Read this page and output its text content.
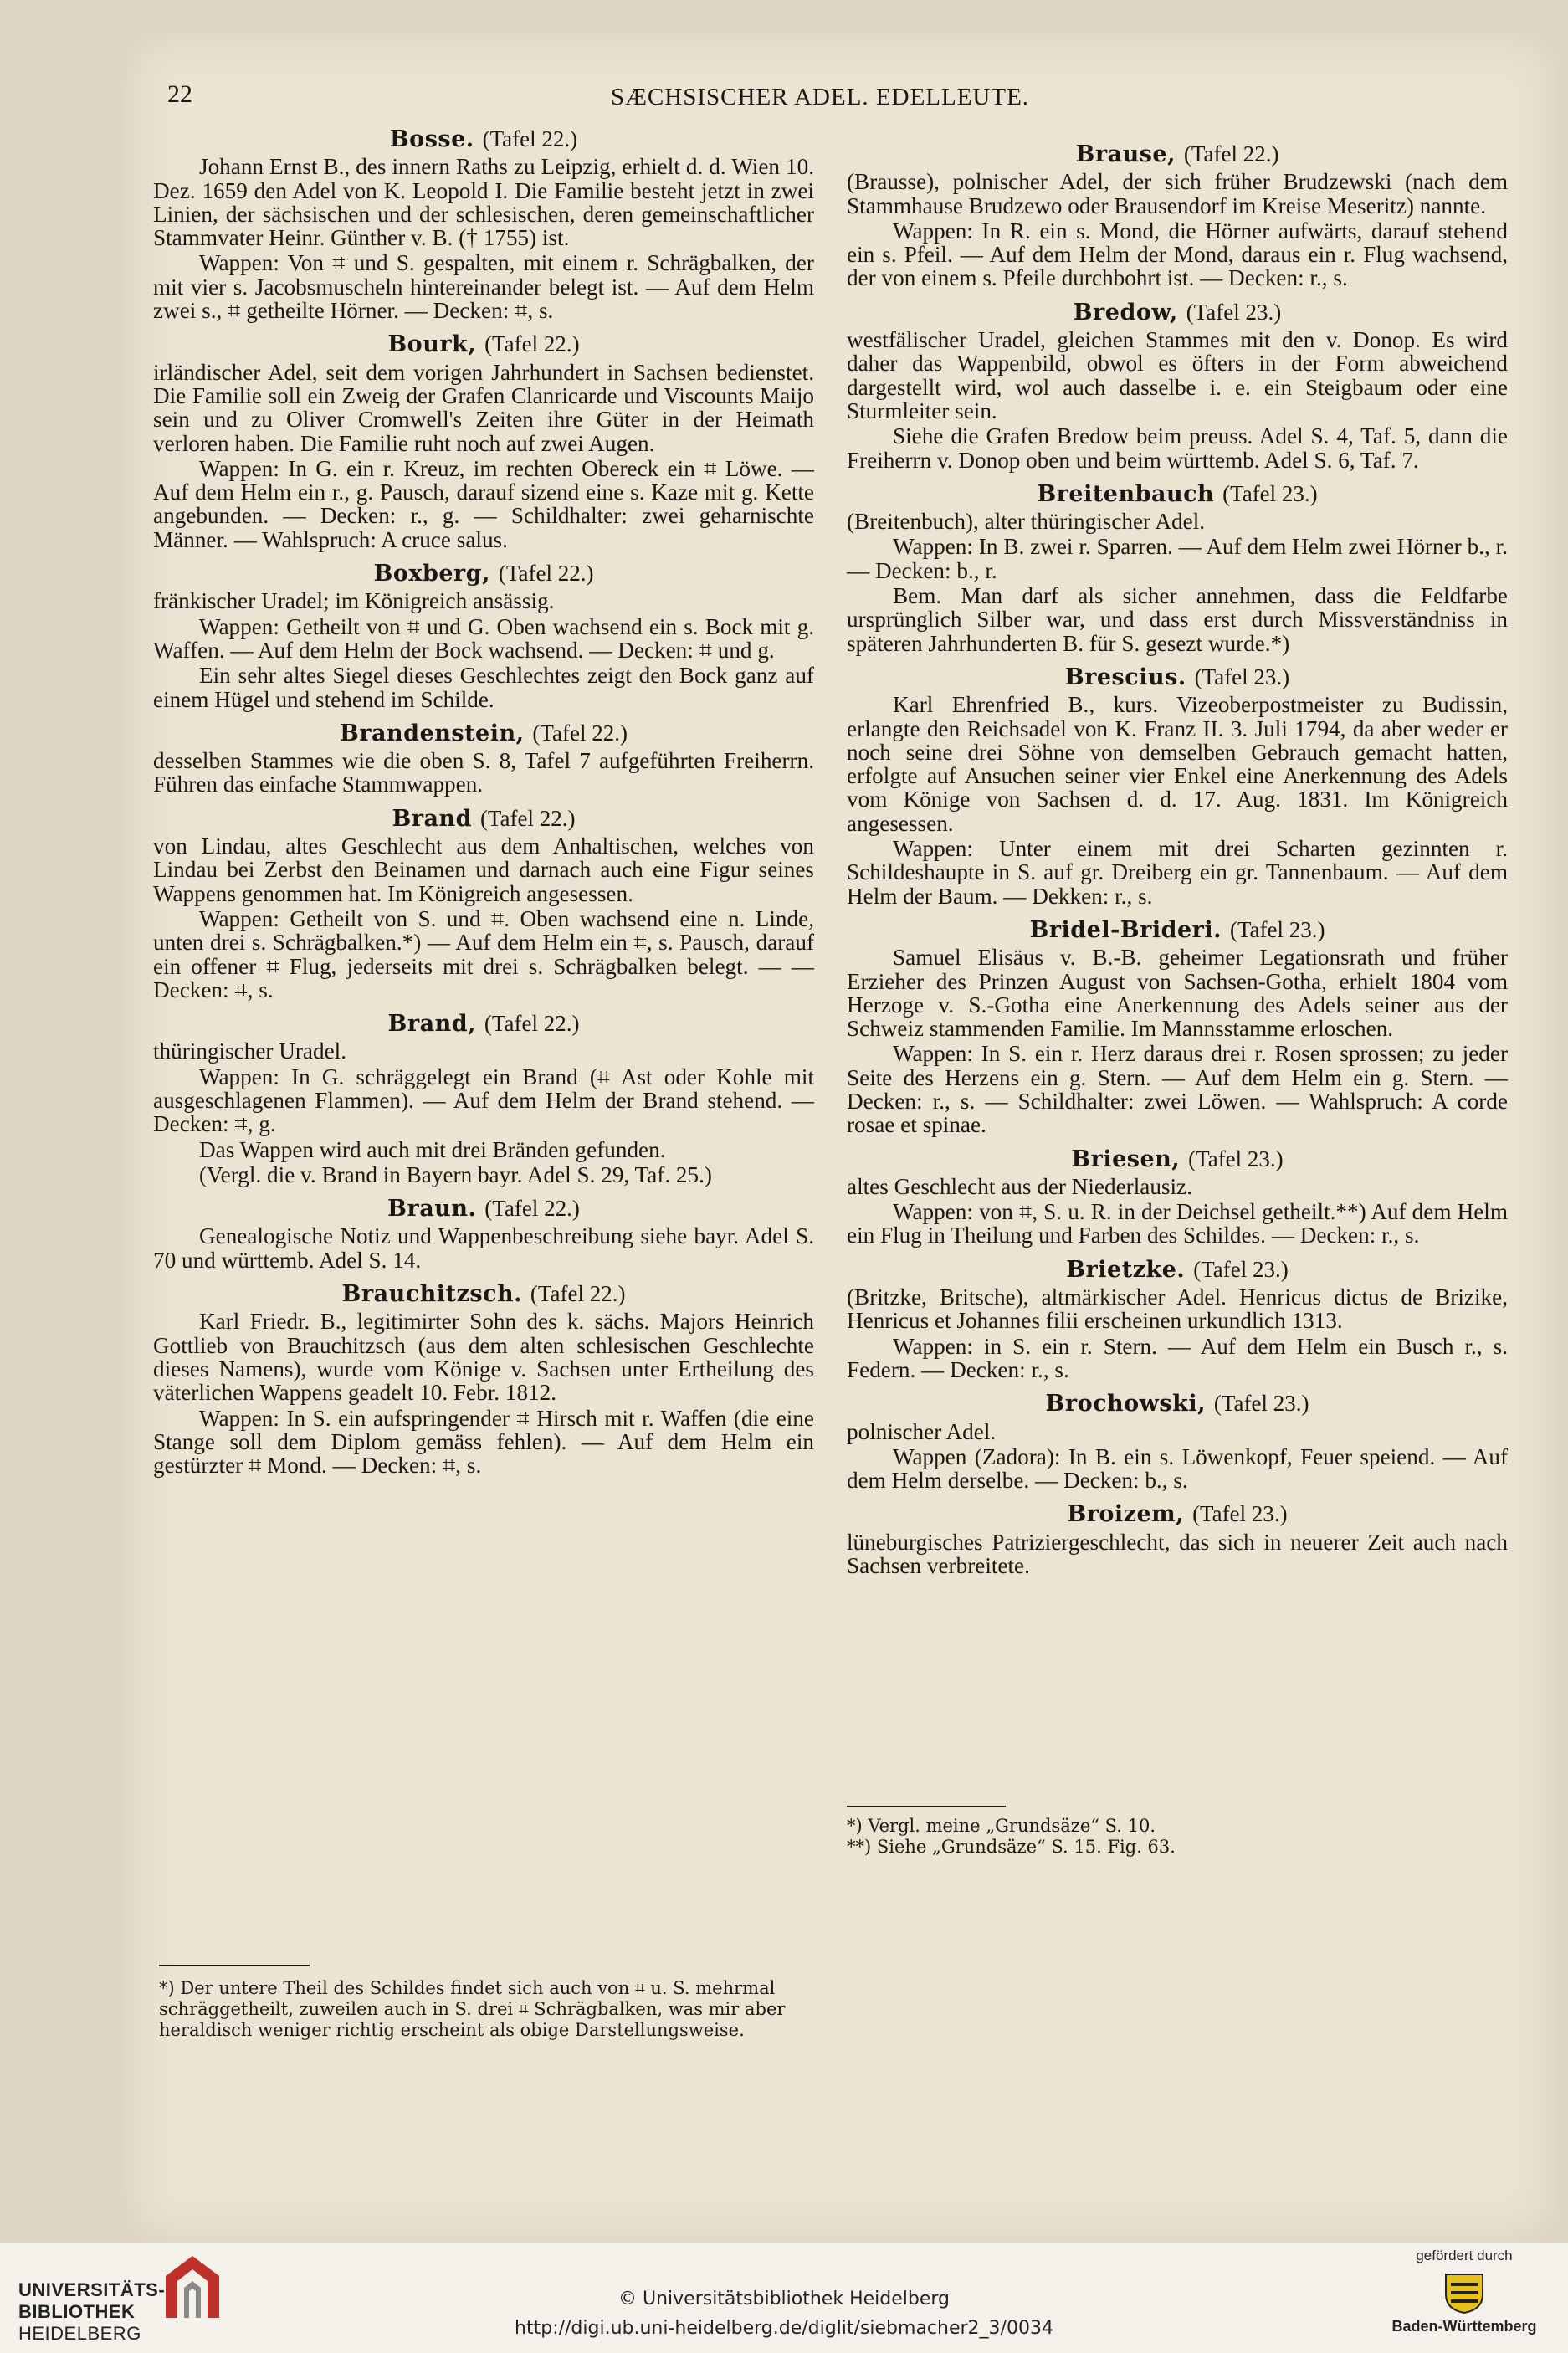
22	SÆCHSISCHER ADEL. EDELLEUTE.
Bosse. (Tafel 22.)

Johann Ernst B., des innern Raths zu Leipzig, erhielt d. d. Wien 10. Dez. 1659 den Adel von K. Leopold I. Die Familie besteht jetzt in zwei Linien, der sächsischen und der schlesischen, deren gemeinschaftlicher Stammvater Heinr. Günther v. B. († 1755) ist.

Wappen: Von ⌗ und S. gespalten, mit einem r. Schrägbalken, der mit vier s. Jacobsmuscheln hintereinander belegt ist. — Auf dem Helm zwei s., ⌗ getheilte Hörner. — Decken: ⌗, s.

Bourk, (Tafel 22.)

irländischer Adel, seit dem vorigen Jahrhundert in Sachsen bedienstet. Die Familie soll ein Zweig der Grafen Clanricarde und Viscounts Maijo sein und zu Oliver Cromwell's Zeiten ihre Güter in der Heimath verloren haben. Die Familie ruht noch auf zwei Augen.

Wappen: In G. ein r. Kreuz, im rechten Obereck ein ⌗ Löwe. — Auf dem Helm ein r., g. Pausch, darauf sizend eine s. Kaze mit g. Kette angebunden. — Decken: r., g. — Schildhalter: zwei geharnischte Männer. — Wahlspruch: A cruce salus.

Boxberg, (Tafel 22.)

fränkischer Uradel; im Königreich ansässig.

Wappen: Getheilt von ⌗ und G. Oben wachsend ein s. Bock mit g. Waffen. — Auf dem Helm der Bock wachsend. — Decken: ⌗ und g.

Ein sehr altes Siegel dieses Geschlechtes zeigt den Bock ganz auf einem Hügel und stehend im Schilde.

Brandenstein, (Tafel 22.)

desselben Stammes wie die oben S. 8, Tafel 7 aufgeführten Freiherrn. Führen das einfache Stammwappen.

Brand (Tafel 22.)

von Lindau, altes Geschlecht aus dem Anhaltischen, welches von Lindau bei Zerbst den Beinamen und darnach auch eine Figur seines Wappens genommen hat. Im Königreich angesessen.

Wappen: Getheilt von S. und ⌗. Oben wachsend eine n. Linde, unten drei s. Schrägbalken.*) — Auf dem Helm ein ⌗, s. Pausch, darauf ein offener ⌗ Flug, jederseits mit drei s. Schrägbalken belegt. — — Decken: ⌗, s.

Brand, (Tafel 22.)

thüringischer Uradel.

Wappen: In G. schräggelegt ein Brand (⌗ Ast oder Kohle mit ausgeschlagenen Flammen). — Auf dem Helm der Brand stehend. — Decken: ⌗, g.

Das Wappen wird auch mit drei Bränden gefunden.

(Vergl. die v. Brand in Bayern bayr. Adel S. 29, Taf. 25.)

Braun. (Tafel 22.)

Genealogische Notiz und Wappenbeschreibung siehe bayr. Adel S. 70 und württemb. Adel S. 14.

Brauchitzsch. (Tafel 22.)

Karl Friedr. B., legitimirter Sohn des k. sächs. Majors Heinrich Gottlieb von Brauchitzsch (aus dem alten schlesischen Geschlechte dieses Namens), wurde vom Könige v. Sachsen unter Ertheilung des väterlichen Wappens geadelt 10. Febr. 1812.

Wappen: In S. ein aufspringender ⌗ Hirsch mit r. Waffen (die eine Stange soll dem Diplom gemäss fehlen). — Auf dem Helm ein gestürzter ⌗ Mond. — Decken: ⌗, s.

Brause, (Tafel 22.)

(Brausse), polnischer Adel, der sich früher Brudzewski (nach dem Stammhause Brudzewo oder Brausendorf im Kreise Meseritz) nannte.

Wappen: In R. ein s. Mond, die Hörner aufwärts, darauf stehend ein s. Pfeil. — Auf dem Helm der Mond, daraus ein r. Flug wachsend, der von einem s. Pfeile durchbohrt ist. — Decken: r., s.

Bredow, (Tafel 23.)

westfälischer Uradel, gleichen Stammes mit den v. Donop. Es wird daher das Wappenbild, obwol es öfters in der Form abweichend dargestellt wird, wol auch dasselbe i. e. ein Steigbaum oder eine Sturmleiter sein.

Siehe die Grafen Bredow beim preuss. Adel S. 4, Taf. 5, dann die Freiherrn v. Donop oben und beim württemb. Adel S. 6, Taf. 7.

Breitenbauch (Tafel 23.)

(Breitenbuch), alter thüringischer Adel.

Wappen: In B. zwei r. Sparren. — Auf dem Helm zwei Hörner b., r. — Decken: b., r.

Bem. Man darf als sicher annehmen, dass die Feldfarbe ursprünglich Silber war, und dass erst durch Missverständniss in späteren Jahrhunderten B. für S. gesezt wurde.*)

Brescius. (Tafel 23.)

Karl Ehrenfried B., kurs. Vizeoberpostmeister zu Budissin, erlangte den Reichsadel von K. Franz II. 3. Juli 1794, da aber weder er noch seine drei Söhne von demselben Gebrauch gemacht hatten, erfolgte auf Ansuchen seiner vier Enkel eine Anerkennung des Adels vom Könige von Sachsen d. d. 17. Aug. 1831. Im Königreich angesessen.

Wappen: Unter einem mit drei Scharten gezinnten r. Schildeshaupte in S. auf gr. Dreiberg ein gr. Tannenbaum. — Auf dem Helm der Baum. — Dekken: r., s.

Bridel-Brideri. (Tafel 23.)

Samuel Elisäus v. B.-B. geheimer Legationsrath und früher Erzieher des Prinzen August von Sachsen-Gotha, erhielt 1804 vom Herzoge v. S.-Gotha eine Anerkennung des Adels seiner aus der Schweiz stammenden Familie. Im Mannsstamme erloschen.

Wappen: In S. ein r. Herz daraus drei r. Rosen sprossen; zu jeder Seite des Herzens ein g. Stern. — Auf dem Helm ein g. Stern. — Decken: r., s. — Schildhalter: zwei Löwen. — Wahlspruch: A corde rosae et spinae.

Briesen, (Tafel 23.)

altes Geschlecht aus der Niederlausiz.

Wappen: von ⌗, S. u. R. in der Deichsel getheilt.**) Auf dem Helm ein Flug in Theilung und Farben des Schildes. — Decken: r., s.

Brietzke. (Tafel 23.)

(Britzke, Britsche), altmärkischer Adel. Henricus dictus de Brizike, Henricus et Johannes filii erscheinen urkundlich 1313.

Wappen: in S. ein r. Stern. — Auf dem Helm ein Busch r., s. Federn. — Decken: r., s.

Brochowski, (Tafel 23.)

polnischer Adel.

Wappen (Zadora): In B. ein s. Löwenkopf, Feuer speiend. — Auf dem Helm derselbe. — Decken: b., s.

Broizem, (Tafel 23.)

lüneburgisches Patriziergeschlecht, das sich in neuerer Zeit auch nach Sachsen verbreitete.

*) Der untere Theil des Schildes findet sich auch von ⌗ u. S. mehrmal schräggetheilt, zuweilen auch in S. drei ⌗ Schrägbalken, was mir aber heraldisch weniger richtig erscheint als obige Darstellungsweise.

*) Vergl. meine „Grundsäze“ S. 10.

**) Siehe „Grundsäze“ S. 15. Fig. 63.

UNIVERSITÄTS-
BIBLIOTHEK
HEIDELBERG
© Universitätsbibliothek Heidelberg
http://digi.ub.uni-heidelberg.de/diglit/siebmacher2_3/0034
gefördert durch
Baden-Württemberg
